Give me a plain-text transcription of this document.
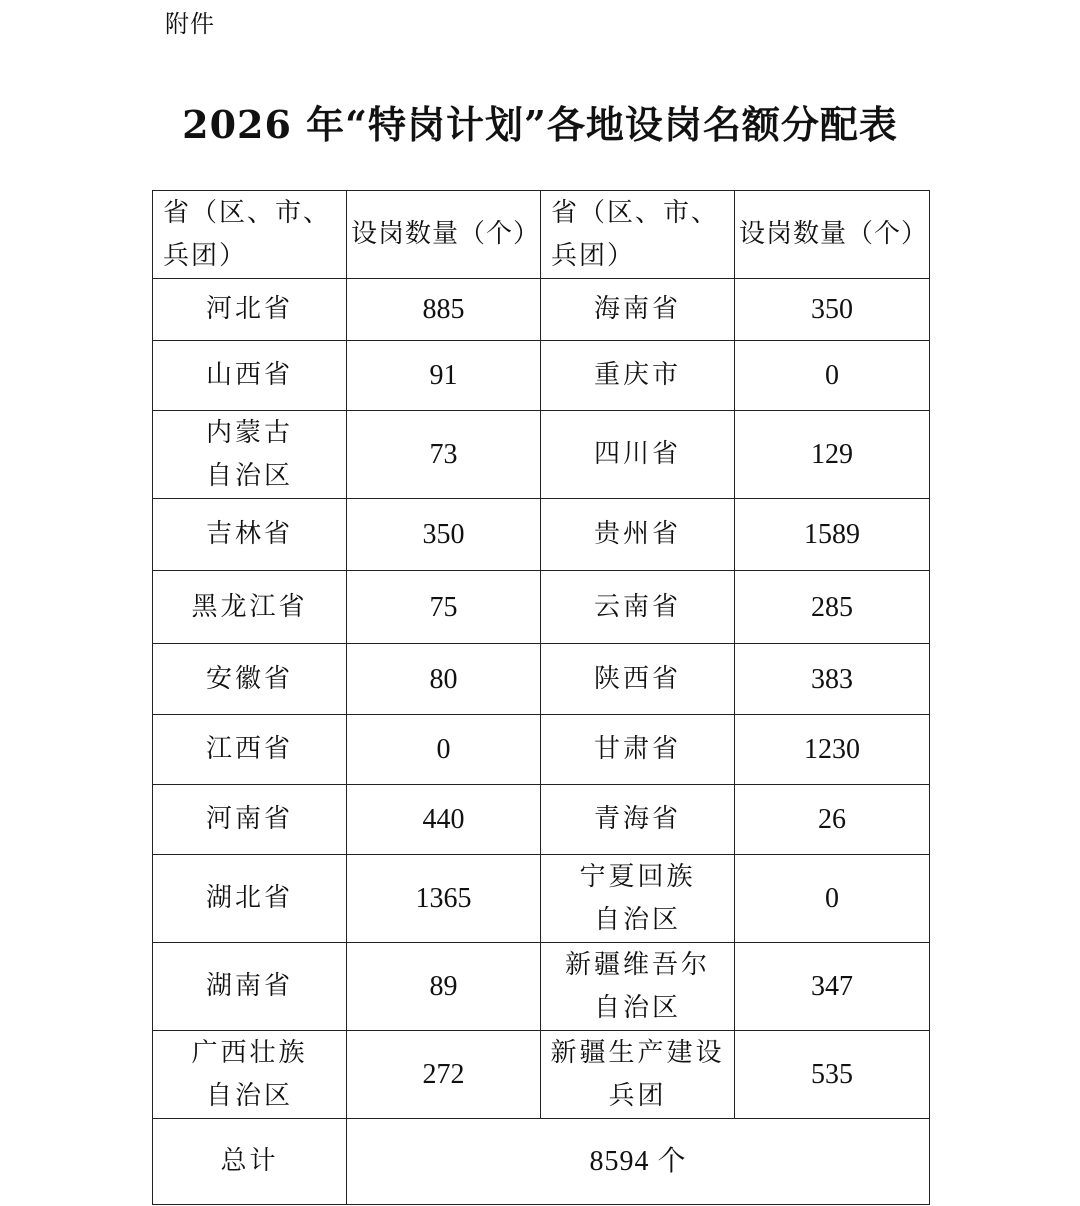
附件
2026 年“特岗计划”各地设岗名额分配表
省（区、市、
兵团）	设岗数量（个）	省（区、市、
兵团）	设岗数量（个）

河北省	885	海南省	350

山西省	91	重庆市	0

内蒙古
自治区	73	四川省	129

吉林省	350	贵州省	1589

黑龙江省	75	云南省	285

安徽省	80	陕西省	383

江西省	0	甘肃省	1230

河南省	440	青海省	26

湖北省	1365	宁夏回族
自治区	0

湖南省	89	新疆维吾尔
自治区	347

广西壮族
自治区	272	新疆生产建设
兵团	535
总计	8594 个		
